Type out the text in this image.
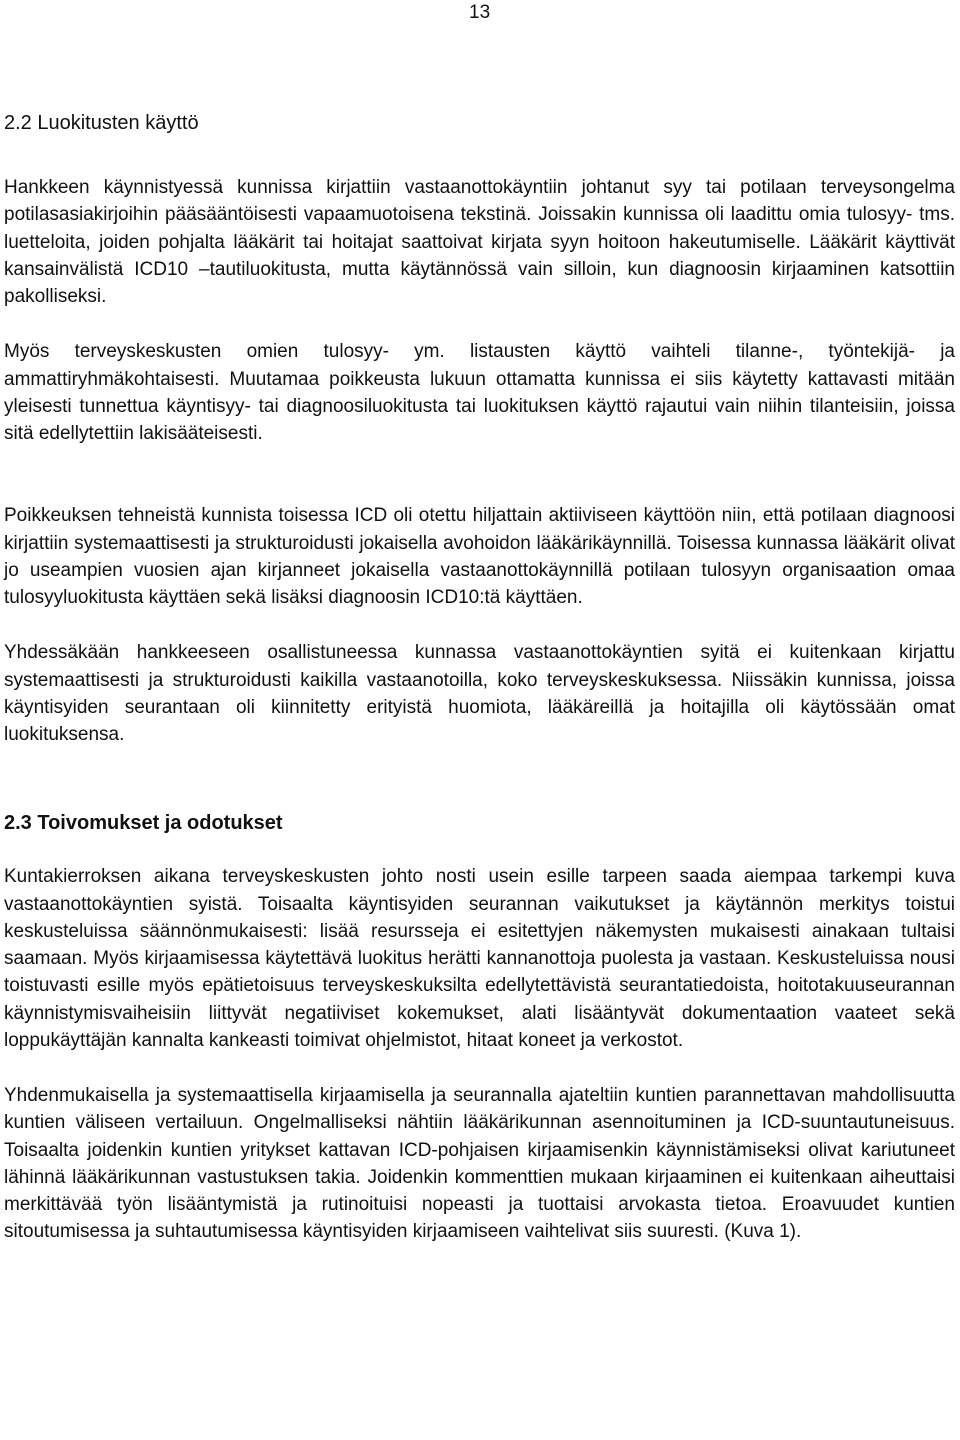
13
2.2 Luokitusten käyttö

Hankkeen käynnistyessä kunnissa kirjattiin vastaanottokäyntiin johtanut syy tai potilaan terveysongelma potilasasiakirjoihin pääsääntöisesti vapaamuotoisena tekstinä. Joissakin kunnissa oli laadittu omia tulosyy- tms. luetteloita, joiden pohjalta lääkärit tai hoitajat saattoivat kirjata syyn hoitoon hakeutumiselle. Lääkärit käyttivät kansainvälistä ICD10 –tautiluokitusta, mutta käytännössä vain silloin, kun diagnoosin kirjaaminen katsottiin pakolliseksi.

Myös terveyskeskusten omien tulosyy- ym. listausten käyttö vaihteli tilanne-, työntekijä- ja ammattiryhmäkohtaisesti. Muutamaa poikkeusta lukuun ottamatta kunnissa ei siis käytetty kattavasti mitään yleisesti tunnettua käyntisyy- tai diagnoosiluokitusta tai luokituksen käyttö rajautui vain niihin tilanteisiin, joissa sitä edellytettiin lakisääteisesti.

Poikkeuksen tehneistä kunnista toisessa ICD oli otettu hiljattain aktiiviseen käyttöön niin, että potilaan diagnoosi kirjattiin systemaattisesti ja strukturoidusti jokaisella avohoidon lääkärikäynnillä. Toisessa kunnassa lääkärit olivat jo useampien vuosien ajan kirjanneet jokaisella vastaanottokäynnillä potilaan tulosyyn organisaation omaa tulosyyluokitusta käyttäen sekä lisäksi diagnoosin ICD10:tä käyttäen.

Yhdessäkään hankkeeseen osallistuneessa kunnassa vastaanottokäyntien syitä ei kuitenkaan kirjattu systemaattisesti ja strukturoidusti kaikilla vastaanotoilla, koko terveyskeskuksessa. Niissäkin kunnissa, joissa käyntisyiden seurantaan oli kiinnitetty erityistä huomiota, lääkäreillä ja hoitajilla oli käytössään omat luokituksensa.

2.3 Toivomukset ja odotukset

Kuntakierroksen aikana terveyskeskusten johto nosti usein esille tarpeen saada aiempaa tarkempi kuva vastaanottokäyntien syistä. Toisaalta käyntisyiden seurannan vaikutukset ja käytännön merkitys toistui keskusteluissa säännönmukaisesti: lisää resursseja ei esitettyjen näkemysten mukaisesti ainakaan tultaisi saamaan. Myös kirjaamisessa käytettävä luokitus herätti kannanottoja puolesta ja vastaan. Keskusteluissa nousi toistuvasti esille myös epätietoisuus terveyskeskuksilta edellytettävistä seurantatiedoista, hoitotakuuseurannan käynnistymisvaiheisiin liittyvät negatiiviset kokemukset, alati lisääntyvät dokumentaation vaateet sekä loppukäyttäjän kannalta kankeasti toimivat ohjelmistot, hitaat koneet ja verkostot.

Yhdenmukaisella ja systemaattisella kirjaamisella ja seurannalla ajateltiin kuntien parannettavan mahdollisuutta kuntien väliseen vertailuun. Ongelmalliseksi nähtiin lääkärikunnan asennoituminen ja ICD-suuntautuneisuus. Toisaalta joidenkin kuntien yritykset kattavan ICD-pohjaisen kirjaamisenkin käynnistämiseksi olivat kariutuneet lähinnä lääkärikunnan vastustuksen takia. Joidenkin kommenttien mukaan kirjaaminen ei kuitenkaan aiheuttaisi merkittävää työn lisääntymistä ja rutinoituisi nopeasti ja tuottaisi arvokasta tietoa. Eroavuudet kuntien sitoutumisessa ja suhtautumisessa käyntisyiden kirjaamiseen vaihtelivat siis suuresti. (Kuva 1).
